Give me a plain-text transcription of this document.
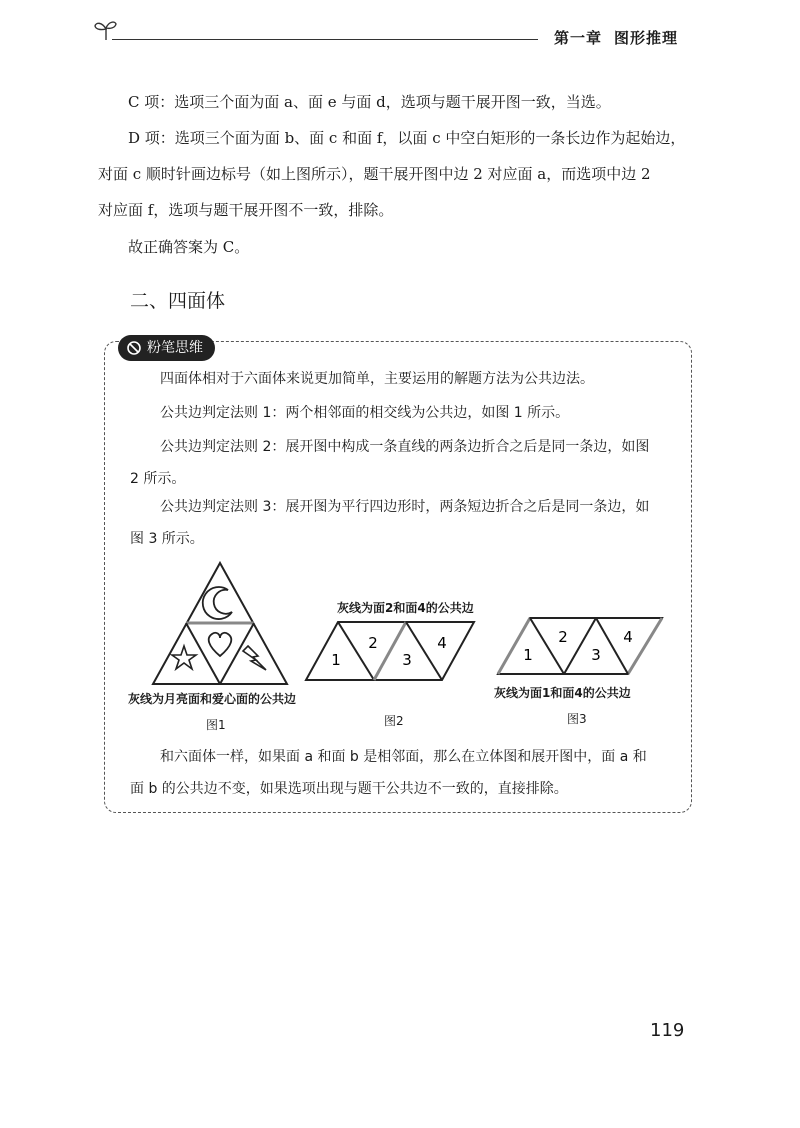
第一章 图形推理
C 项：选项三个面为面 a、面 e 与面 d，选项与题干展开图一致，当选。
D 项：选项三个面为面 b、面 c 和面 f，以面 c 中空白矩形的一条长边作为起始边，
对面 c 顺时针画边标号（如上图所示），题干展开图中边 2 对应面 a，而选项中边 2
对应面 f，选项与题干展开图不一致，排除。
故正确答案为 C。
二、四面体
粉笔思维
四面体相对于六面体来说更加简单，主要运用的解题方法为公共边法。
公共边判定法则 1：两个相邻面的相交线为公共边，如图 1 所示。
公共边判定法则 2：展开图中构成一条直线的两条边折合之后是同一条边，如图
2 所示。
公共边判定法则 3：展开图为平行四边形时，两条短边折合之后是同一条边，如
图 3 所示。
灰线为月亮面和爱心面的公共边
图1
灰线为面2和面4的公共边
1
2
3
4
图2
1
2
3
4
灰线为面1和面4的公共边
图3
和六面体一样，如果面 a 和面 b 是相邻面，那么在立体图和展开图中，面 a 和
面 b 的公共边不变，如果选项出现与题干公共边不一致的，直接排除。
119
